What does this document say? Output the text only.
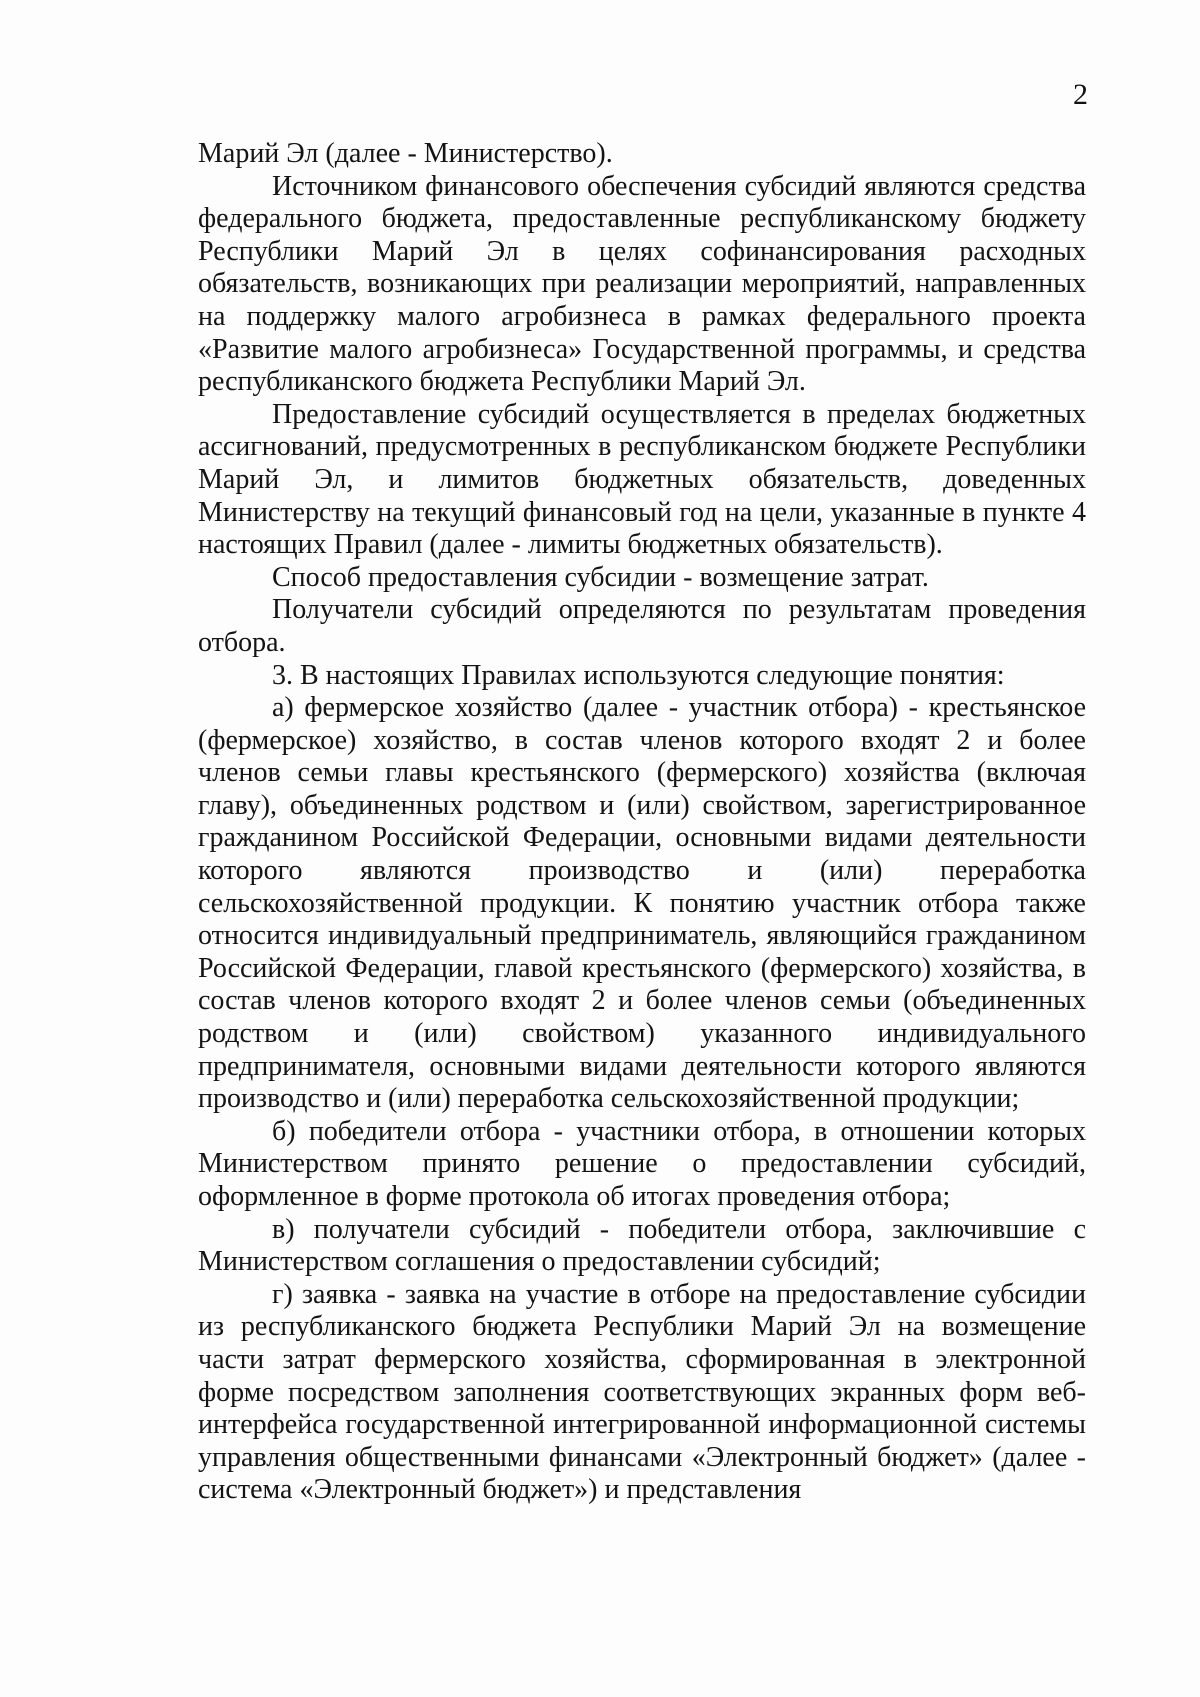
2

Марий Эл (далее - Министерство).

Источником финансового обеспечения субсидий являются средства федерального бюджета, предоставленные республиканскому бюджету Республики Марий Эл в целях софинансирования расходных обязательств, возникающих при реализации мероприятий, направленных на поддержку малого агробизнеса в рамках федерального проекта «Развитие малого агробизнеса» Государственной программы, и средства республиканского бюджета Республики Марий Эл.

Предоставление субсидий осуществляется в пределах бюджетных ассигнований, предусмотренных в республиканском бюджете Республики Марий Эл, и лимитов бюджетных обязательств, доведенных Министерству на текущий финансовый год на цели, указанные в пункте 4 настоящих Правил (далее - лимиты бюджетных обязательств).

Способ предоставления субсидии - возмещение затрат.

Получатели субсидий определяются по результатам проведения отбора.

3. В настоящих Правилах используются следующие понятия:

а) фермерское хозяйство (далее - участник отбора) - крестьянское (фермерское) хозяйство, в состав членов которого входят 2 и более членов семьи главы крестьянского (фермерского) хозяйства (включая главу), объединенных родством и (или) свойством, зарегистрированное гражданином Российской Федерации, основными видами деятельности которого являются производство и (или) переработка сельскохозяйственной продукции. К понятию участник отбора также относится индивидуальный предприниматель, являющийся гражданином Российской Федерации, главой крестьянского (фермерского) хозяйства, в состав членов которого входят 2 и более членов семьи (объединенных родством и (или) свойством) указанного индивидуального предпринимателя, основными видами деятельности которого являются производство и (или) переработка сельскохозяйственной продукции;

б) победители отбора - участники отбора, в отношении которых Министерством принято решение о предоставлении субсидий, оформленное в форме протокола об итогах проведения отбора;

в) получатели субсидий - победители отбора, заключившие с Министерством соглашения о предоставлении субсидий;

г) заявка - заявка на участие в отборе на предоставление субсидии из республиканского бюджета Республики Марий Эл на возмещение части затрат фермерского хозяйства, сформированная в электронной форме посредством заполнения соответствующих экранных форм веб-интерфейса государственной интегрированной информационной системы управления общественными финансами «Электронный бюджет» (далее - система «Электронный бюджет») и представления
